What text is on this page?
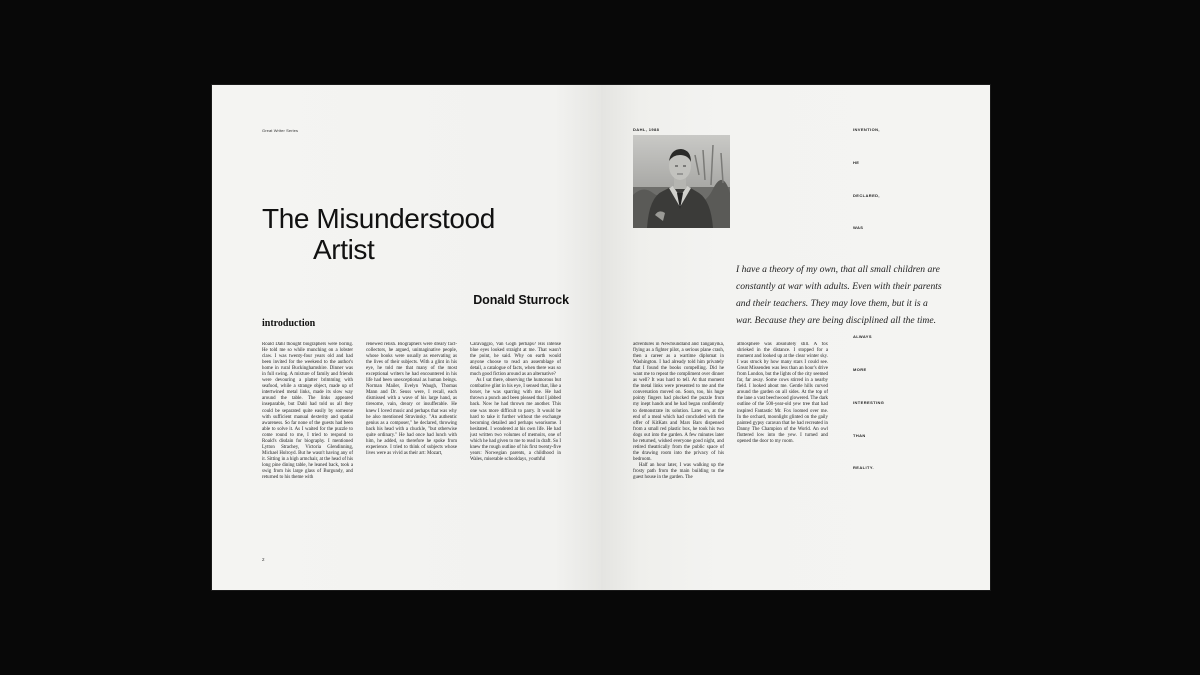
Great Writer Series
The Misunderstood
Artist
Donald Sturrock
introduction

Roald Dahl thought biographers were boring. He told me so while munching on a lobster claw. I was twenty-four years old and had been invited for the weekend to the author's home in rural Buckinghamshire. Dinner was in full swing. A mixture of family and friends were devouring a platter brimming with seafood, while a strange object, made up of intertwined metal links, made its slow way around the table. The links appeared inseparable, but Dahl had told us all they could be separated quite easily by someone with sufficient manual dexterity and spatial awareness. So far none of the guests had been able to solve it. As I waited for the puzzle to come round to me, I tried to respond to Roald's disdain for biography. I mentioned Lytton Strachey, Victoria Glendinning, Michael Holroyd. But he wasn't having any of it. Sitting in a high armchair, at the head of his long pine dining table, he leaned back, took a swig from his large glass of Burgundy, and returned to his theme with

renewed relish. Biographers were dreary fact-collectors, he argued, unimaginative people, whose books were usually as enervating as the lives of their subjects. With a glint in his eye, he told me that many of the most exceptional writers he had encountered in his life had been unexceptional as human beings. Norman Mailer, Evelyn Waugh, Thomas Mann and Dr. Seuss were, I recall, each dismissed with a wave of his large hand, as tiresome, vain, dreary or insufferable. He knew I loved music and perhaps that was why he also mentioned Stravinsky. "An authentic genius as a composer," he declared, throwing back his head with a chuckle, "but otherwise quite ordinary." He had once had lunch with him, he added, so therefore he spoke from experience. I tried to think of subjects whose lives were as vivid as their art: Mozart,

Caravaggio, Van Gogh perhaps? His intense blue eyes looked straight at me. That wasn't the point, he said. Why on earth would anyone choose to read an assemblage of detail, a catalogue of facts, when there was so much good fiction around as an alternative?

As I sat there, observing the humorous but combative glint in his eye, I sensed that, like a boxer, he was sparring with me. He had thrown a punch and been pleased that I jabbed back. Now he had thrown me another. This one was more difficult to parry. It would be hard to take it further without the exchange becoming detailed and perhaps wearisome. I hesitated. I wondered at his own life. He had just written two volumes of memoirs, one of which he had given to me to read in draft. So I knew the rough outline of his first twenty-five years: Norwegian parents, a childhood in Wales, miserable schooldays, youthful

2
DAHL, 1988	INVENTION,
HE
DECLARED,
WAS

I have a theory of my own, that all small children are constantly at war with adults. Even with their parents and their teachers. They may love them, but it is a war. Because they are being disciplined all the time.

ALWAYS
MORE
INTERESTING
THAN
REALITY.

adventures in Newfoundland and Tanganyika, flying as a fighter pilot, a serious plane crash, then a career as a wartime diplomat in Washington. I had already told him privately that I found the books compelling. Did he want me to repeat the compliment over dinner as well? It was hard to tell. At that moment the metal links were presented to me and the conversation moved on. Soon, too, his huge pointy fingers had plucked the puzzle from my inept hands and he had began confidently to demonstrate its solution. Later on, at the end of a meal which had concluded with the offer of KitKats and Mars Bars dispensed from a small red plastic box, he took his two dogs out into the garden. A few minutes later he returned, wished everyone good night, and retired theatrically from the public space of the drawing room into the privacy of his bedroom.

Half an hour later, I was walking up the frosty path from the main building to the guest house in the garden. The

atmosphere was absolutely still. A fox shrieked in the distance. I stopped for a moment and looked up at the clear winter sky. I was struck by how many stars I could see. Great Missenden was less than an hour's drive from London, but the lights of the city seemed far, far away. Some cows stirred in a nearby field. I looked about me. Gentle hills curved around the garden on all sides. At the top of the lane a vast beechwood glowered. The dark outline of the 500-year-old yew tree that had inspired Fantastic Mr. Fox loomed over me. In the orchard, moonlight glinted on the gaily painted gypsy caravan that he had recreated in Danny The Champion of the World. An owl fluttered low into the yew. I turned and opened the door to my room.
